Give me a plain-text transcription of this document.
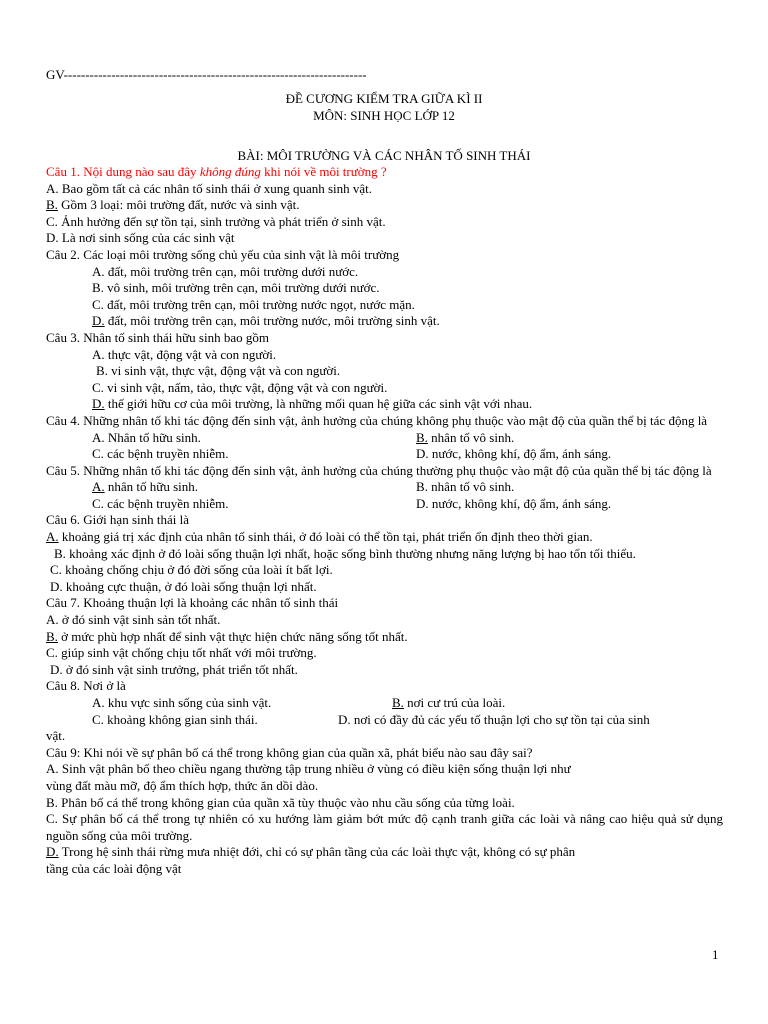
GV----------------------------------------------------------------------
ĐỀ CƯƠNG KIỂM TRA GIỮA KÌ II
MÔN: SINH HỌC LỚP 12
BÀI: MÔI TRƯỜNG VÀ CÁC NHÂN TỐ SINH THÁI
Câu 1. Nội dung nào sau đây không đúng khi nói về môi trường ?
A. Bao gồm tất cả các nhân tố sinh thái ở xung quanh sinh vật.
B. Gồm 3 loại: môi trường đất, nước và sinh vật.
C. Ảnh hưởng đến sự tồn tại, sinh trưởng và phát triển ở sinh vật.
D. Là nơi sinh sống của các sinh vật
Câu 2. Các loại môi trường sống chủ yếu của sinh vật là môi trường
A. đất, môi trường trên cạn, môi trường dưới nước.
B. vô sinh, môi trường trên cạn, môi trường dưới nước.
C. đất, môi trường trên cạn, môi trường nước ngọt, nước mặn.
D. đất, môi trường trên cạn, môi trường nước, môi trường sinh vật.
Câu 3. Nhân tố sinh thái hữu sinh bao gồm
A. thực vật, động vật và con người.
B. vi sinh vật, thực vật, động vật và con người.
C. vi sinh vật, nấm, tảo, thực vật, động vật và con người.
D. thế giới hữu cơ của môi trường, là những mối quan hệ giữa các sinh vật với nhau.
Câu 4. Những nhân tố khi tác động đến sinh vật, ảnh hưởng của chúng không phụ thuộc vào mật độ của quần thể bị tác động là
A. Nhân tố hữu sinh.	B. nhân tố vô sinh.
C. các bệnh truyền nhiễm.	D. nước, không khí, độ ẩm, ánh sáng.
Câu 5. Những nhân tố khi tác động đến sinh vật, ảnh hưởng của chúng thường phụ thuộc vào mật độ của quần thể bị tác động là
A. nhân tố hữu sinh.	B. nhân tố vô sinh.
C. các bệnh truyền nhiễm.	D. nước, không khí, độ ẩm, ánh sáng.
Câu 6. Giới hạn sinh thái là
A. khoảng giá trị xác định của nhân tố sinh thái, ở đó loài có thể tồn tại, phát triển ổn định theo thời gian.
B. khoảng xác định ở đó loài sống thuận lợi nhất, hoặc sống bình thường nhưng năng lượng bị hao tổn tối thiểu.
C. khoảng chống chịu ở đó đời sống của loài ít bất lợi.
D. khoảng cực thuận, ở đó loài sống thuận lợi nhất.
Câu 7. Khoảng thuận lợi là khoảng các nhân tố sinh thái
A. ở đó sinh vật sinh sản tốt nhất.
B. ở mức phù hợp nhất để sinh vật thực hiện chức năng sống tốt nhất.
C. giúp sinh vật chống chịu tốt nhất với môi trường.
D. ở đó sinh vật sinh trưởng, phát triển tốt nhất.
Câu 8. Nơi ở là
A. khu vực sinh sống của sinh vật.	B. nơi cư trú của loài.
C. khoảng không gian sinh thái.	D. nơi có đầy đủ các yếu tố thuận lợi cho sự tồn tại của sinh
vật.
Câu 9: Khi nói về sự phân bố cá thể trong không gian của quần xã, phát biểu nào sau đây sai?
A. Sinh vật phân bố theo chiều ngang thường tập trung nhiều ở vùng có điều kiện sống thuận lợi như
vùng đất màu mỡ, độ ẩm thích hợp, thức ăn dồi dào.
B. Phân bố cá thể trong không gian của quần xã tùy thuộc vào nhu cầu sống của từng loài.
C. Sự phân bố cá thể trong tự nhiên có xu hướng làm giảm bớt mức độ cạnh tranh giữa các loài và nâng cao hiệu quả sử dụng nguồn sống của môi trường.
D. Trong hệ sinh thái rừng mưa nhiệt đới, chỉ có sự phân tầng của các loài thực vật, không có sự phân
tầng của các loài động vật
1
